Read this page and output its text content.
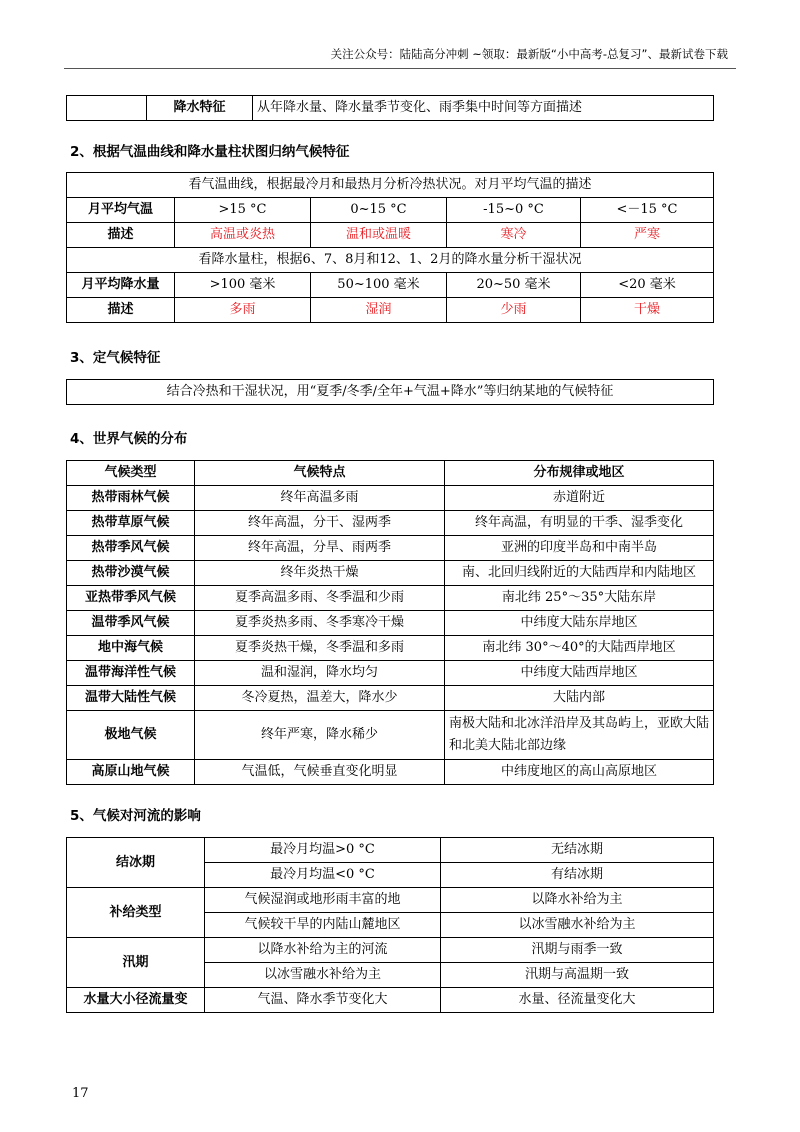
关注公众号：陆陆高分冲刺 ~领取：最新版“小中高考-总复习”、最新试卷下载
	降水特征	从年降水量、降水量季节变化、雨季集中时间等方面描述
2、根据气温曲线和降水量柱状图归纳气候特征
看气温曲线，根据最冷月和最热月分析冷热状况。对月平均气温的描述				
月平均气温	>15 °C	0~15 °C	-15~0 °C	<－15 °C
描述	高温或炎热	温和或温暖	寒冷	严寒
看降水量柱，根据6、7、8月和12、1、2月的降水量分析干湿状况				
月平均降水量	>100 毫米	50~100 毫米	20~50 毫米	<20 毫米
描述	多雨	湿润	少雨	干燥
3、定气候特征
结合冷热和干湿状况，用“夏季/冬季/全年+气温+降水”等归纳某地的气候特征
4、世界气候的分布
气候类型	气候特点	分布规律或地区
热带雨林气候	终年高温多雨	赤道附近
热带草原气候	终年高温，分干、湿两季	终年高温，有明显的干季、湿季变化
热带季风气候	终年高温，分旱、雨两季	亚洲的印度半岛和中南半岛
热带沙漠气候	终年炎热干燥	南、北回归线附近的大陆西岸和内陆地区
亚热带季风气候	夏季高温多雨、冬季温和少雨	南北纬 25°～35°大陆东岸
温带季风气候	夏季炎热多雨、冬季寒冷干燥	中纬度大陆东岸地区
地中海气候	夏季炎热干燥，冬季温和多雨	南北纬 30°～40°的大陆西岸地区
温带海洋性气候	温和湿润，降水均匀	中纬度大陆西岸地区
温带大陆性气候	冬冷夏热，温差大，降水少	大陆内部
极地气候	终年严寒，降水稀少	南极大陆和北冰洋沿岸及其岛屿上，亚欧大陆和北美大陆北部边缘
高原山地气候	气温低，气候垂直变化明显	中纬度地区的高山高原地区
5、气候对河流的影响
结冰期	最冷月均温>0 °C	无结冰期
	最冷月均温<0 °C	有结冰期
补给类型	气候湿润或地形雨丰富的地	以降水补给为主
	气候较干旱的内陆山麓地区	以冰雪融水补给为主
汛期	以降水补给为主的河流	汛期与雨季一致
	以冰雪融水补给为主	汛期与高温期一致
水量大小径流量变	气温、降水季节变化大	水量、径流量变化大
17
